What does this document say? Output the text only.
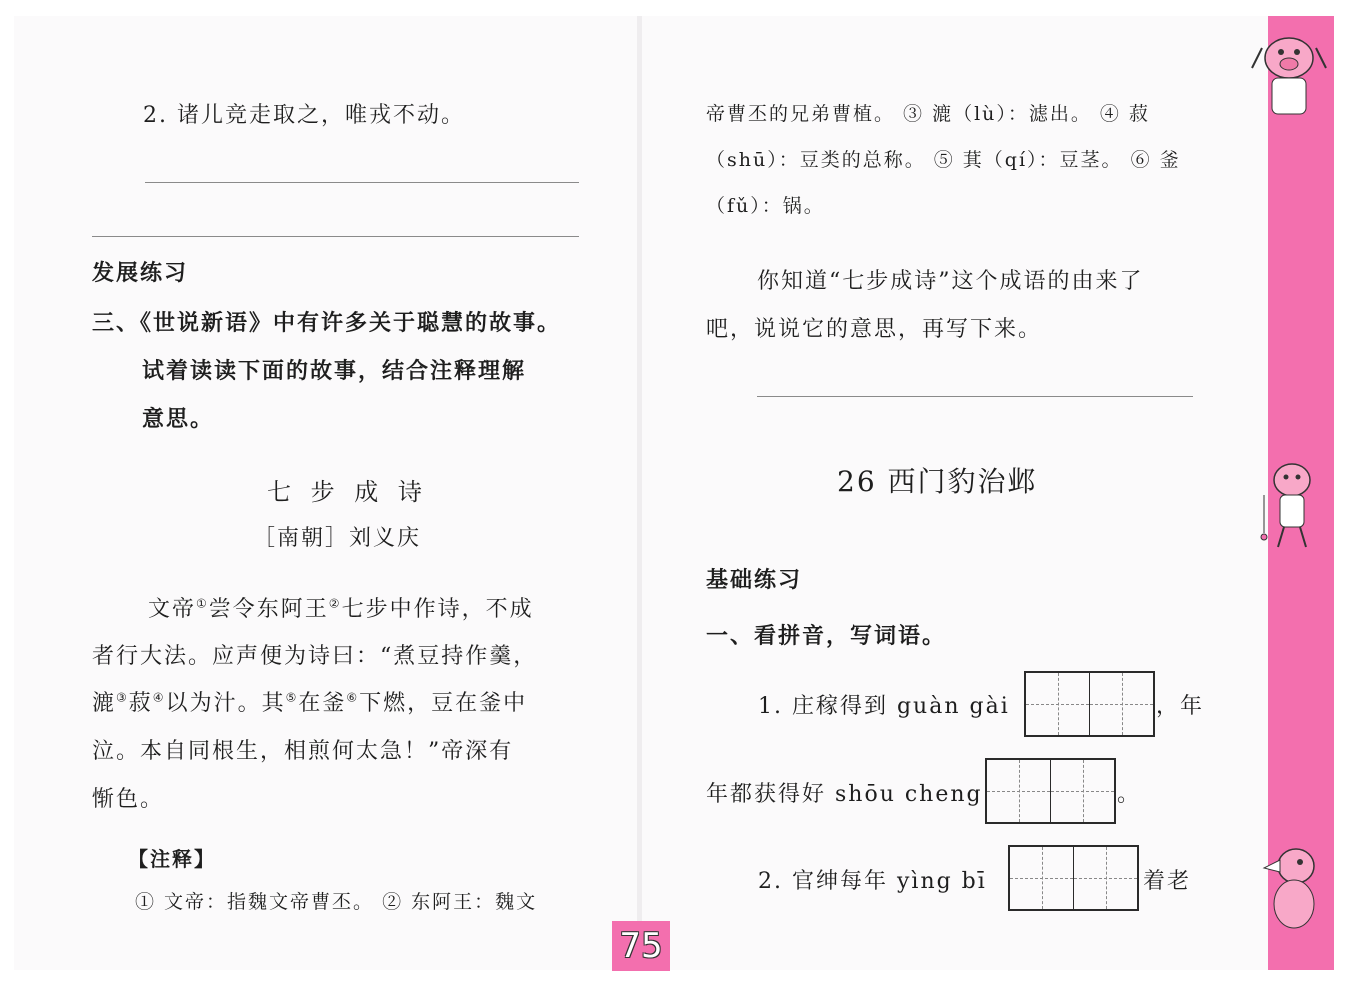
2. 诸儿竞走取之，唯戎不动。
发展练习
三、《世说新语》中有许多关于聪慧的故事。
试着读读下面的故事，结合注释理解
意思。
七 步 成 诗
［南朝］刘义庆
文帝①尝令东阿王②七步中作诗，不成
者行大法。应声便为诗曰：“煮豆持作羹，
漉③菽④以为汁。其⑤在釜⑥下燃，豆在釜中
泣。本自同根生，相煎何太急！”帝深有
惭色。
【注释】
① 文帝：指魏文帝曹丕。 ② 东阿王：魏文
帝曹丕的兄弟曹植。 ③ 漉（lù）：滤出。 ④ 菽
（shū）：豆类的总称。 ⑤ 萁（qí）：豆茎。 ⑥ 釜
（fǔ）：锅。
你知道“七步成诗”这个成语的由来了
吧，说说它的意思，再写下来。
26 西门豹治邺
基础练习
一、看拼音，写词语。
1. 庄稼得到 guàn gài	，年
年都获得好 shōu cheng	。
2. 官绅每年 yìng bī	着老
75
